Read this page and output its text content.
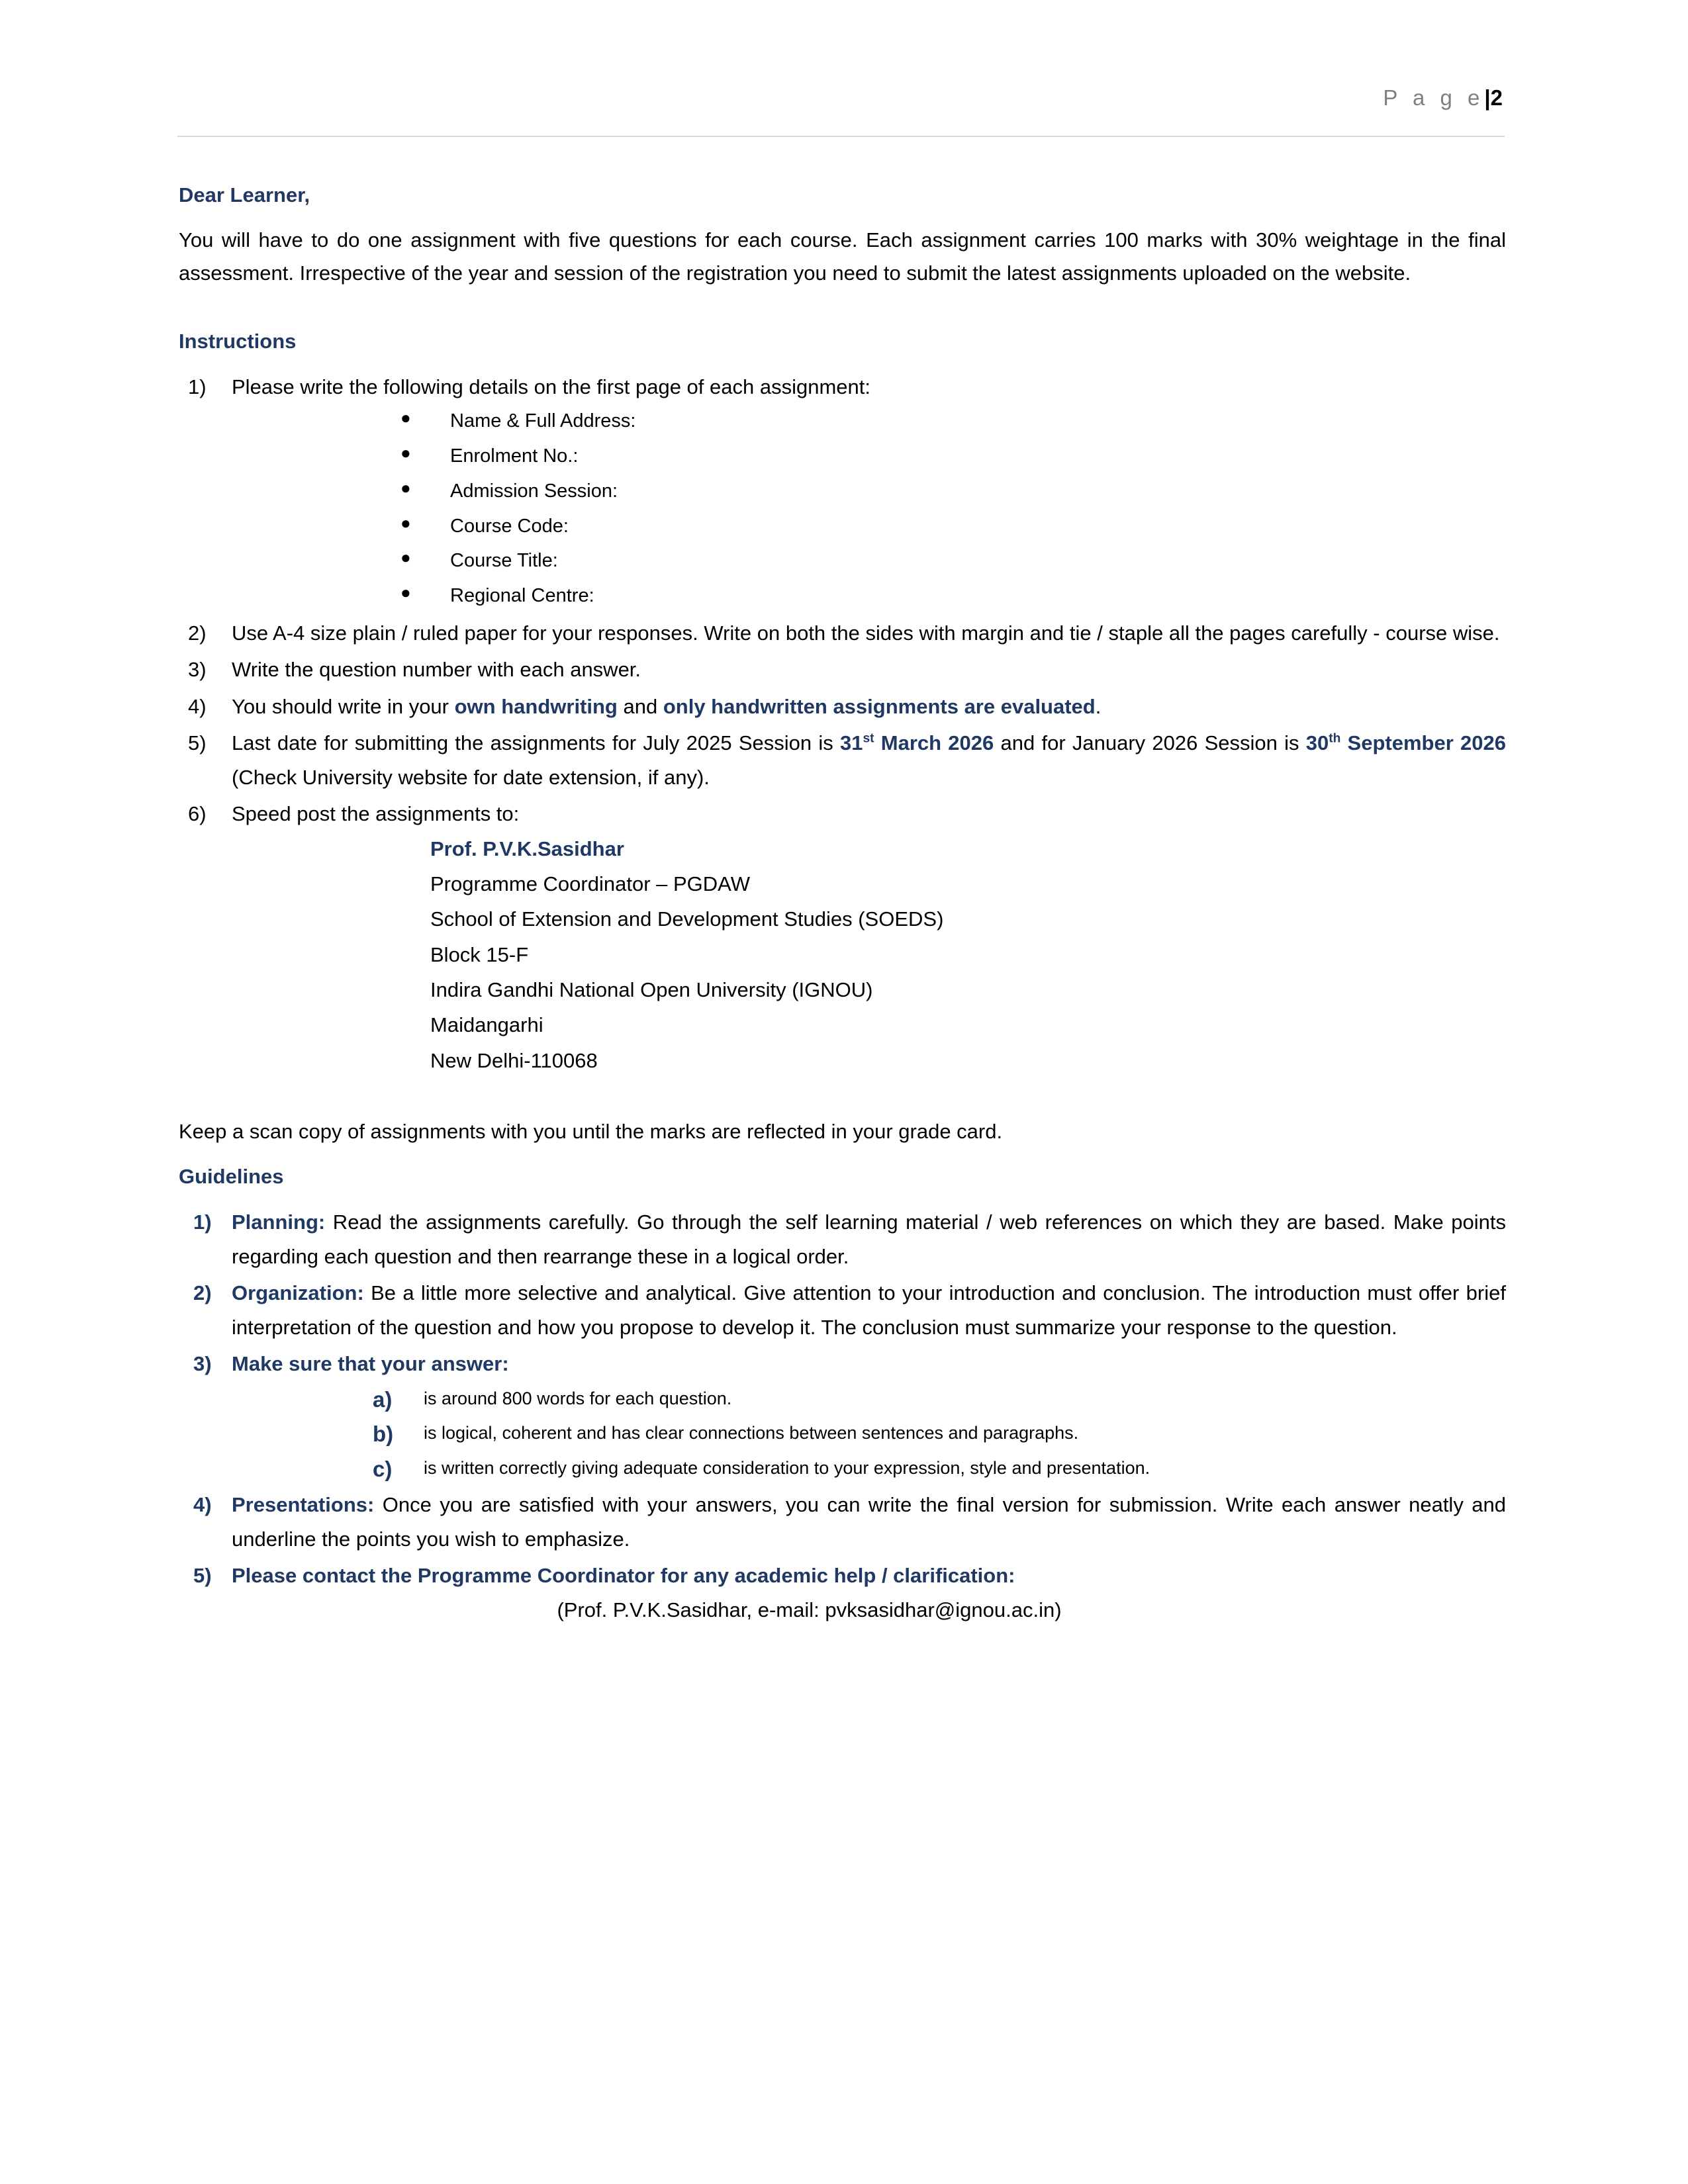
P a g e|2

Dear Learner,

You will have to do one assignment with five questions for each course. Each assignment carries 100 marks with 30% weightage in the final assessment. Irrespective of the year and session of the registration you need to submit the latest assignments uploaded on the website.

Instructions

1)	Please write the following details on the first page of each assignment:
● Name & Full Address:
● Enrolment No.:
● Admission Session:
● Course Code:
● Course Title:
● Regional Centre:
2)	Use A-4 size plain / ruled paper for your responses. Write on both the sides with margin and tie / staple all the pages carefully - course wise.
3)	Write the question number with each answer.
4)	You should write in your own handwriting and only handwritten assignments are evaluated.
5)	Last date for submitting the assignments for July 2025 Session is 31st March 2026 and for January 2026 Session is 30th September 2026 (Check University website for date extension, if any).
6)	Speed post the assignments to:
Prof. P.V.K.Sasidhar
Programme Coordinator – PGDAW
School of Extension and Development Studies (SOEDS)
Block 15-F
Indira Gandhi National Open University (IGNOU)
Maidangarhi
New Delhi-110068

Keep a scan copy of assignments with you until the marks are reflected in your grade card.

Guidelines

1) Planning: Read the assignments carefully. Go through the self learning material / web references on which they are based. Make points regarding each question and then rearrange these in a logical order.
2) Organization: Be a little more selective and analytical. Give attention to your introduction and conclusion. The introduction must offer brief interpretation of the question and how you propose to develop it. The conclusion must summarize your response to the question.
3) Make sure that your answer:
a)	is around 800 words for each question.
b)	is logical, coherent and has clear connections between sentences and paragraphs.
c)	is written correctly giving adequate consideration to your expression, style and presentation.
4) Presentations: Once you are satisfied with your answers, you can write the final version for submission. Write each answer neatly and underline the points you wish to emphasize.
5) Please contact the Programme Coordinator for any academic help / clarification:

(Prof. P.V.K.Sasidhar, e-mail: pvksasidhar@ignou.ac.in)
